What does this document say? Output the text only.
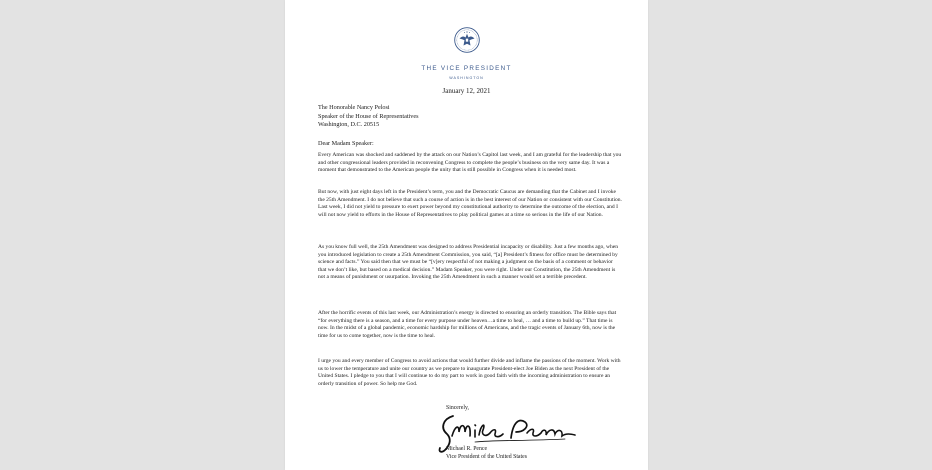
THE VICE PRESIDENT
WASHINGTON
January 12, 2021
The Honorable Nancy Pelosi
Speaker of the House of Representatives
Washington, D.C. 20515
Dear Madam Speaker:

Every American was shocked and saddened by the attack on our Nation’s Capitol last week, and I am grateful for the leadership that you and other congressional leaders provided in reconvening Congress to complete the people’s business on the very same day. It was a moment that demonstrated to the American people the unity that is still possible in Congress when it is needed most.

But now, with just eight days left in the President’s term, you and the Democratic Caucus are demanding that the Cabinet and I invoke the 25th Amendment. I do not believe that such a course of action is in the best interest of our Nation or consistent with our Constitution. Last week, I did not yield to pressure to exert power beyond my constitutional authority to determine the outcome of the election, and I will not now yield to efforts in the House of Representatives to play political games at a time so serious in the life of our Nation.

As you know full well, the 25th Amendment was designed to address Presidential incapacity or disability. Just a few months ago, when you introduced legislation to create a 25th Amendment Commission, you said, “[a] President’s fitness for office must be determined by science and facts.” You said then that we must be “[v]ery respectful of not making a judgment on the basis of a comment or behavior that we don’t like, but based on a medical decision.” Madam Speaker, you were right. Under our Constitution, the 25th Amendment is not a means of punishment or usurpation. Invoking the 25th Amendment in such a manner would set a terrible precedent.

After the horrific events of this last week, our Administration’s energy is directed to ensuring an orderly transition. The Bible says that “for everything there is a season, and a time for every purpose under heaven…a time to heal, … and a time to build up.” That time is now. In the midst of a global pandemic, economic hardship for millions of Americans, and the tragic events of January 6th, now is the time for us to come together, now is the time to heal.

I urge you and every member of Congress to avoid actions that would further divide and inflame the passions of the moment. Work with us to lower the temperature and unite our country as we prepare to inaugurate President-elect Joe Biden as the next President of the United States. I pledge to you that I will continue to do my part to work in good faith with the incoming administration to ensure an orderly transition of power. So help me God.

Sincerely,
Michael R. Pence
Vice President of the United States
